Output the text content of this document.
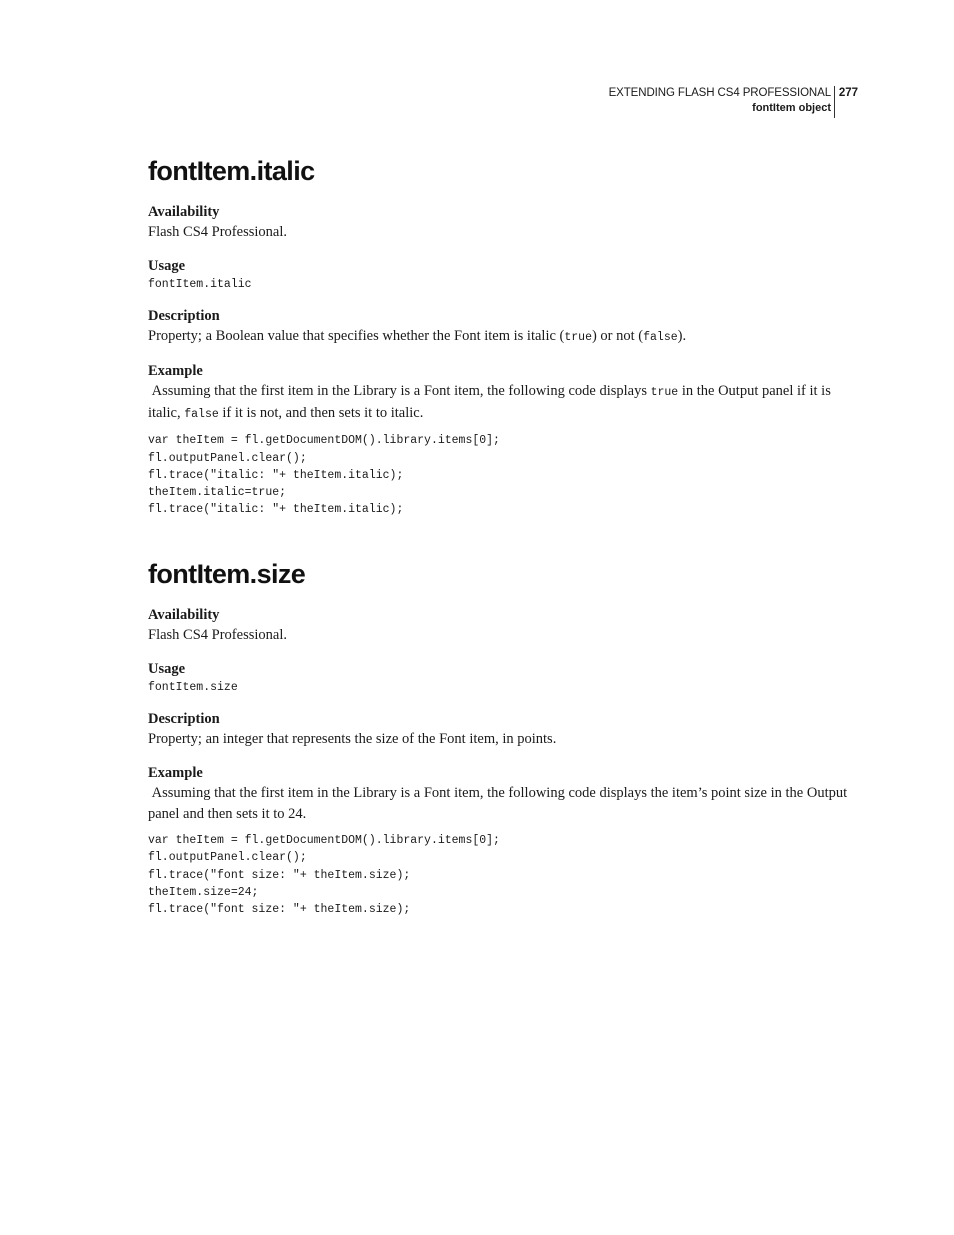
EXTENDING FLASH CS4 PROFESSIONAL
fontItem object
277
fontItem.italic

Availability

Flash CS4 Professional.

Usage

fontItem.italic

Description

Property; a Boolean value that specifies whether the Font item is italic (true) or not (false).

Example

Assuming that the first item in the Library is a Font item, the following code displays true in the Output panel if it is italic, false if it is not, and then sets it to italic.

var theItem = fl.getDocumentDOM().library.items[0];

fl.outputPanel.clear();

fl.trace("italic: "+ theItem.italic);

theItem.italic=true;

fl.trace("italic: "+ theItem.italic);

fontItem.size

Availability

Flash CS4 Professional.

Usage

fontItem.size

Description

Property; an integer that represents the size of the Font item, in points.

Example

Assuming that the first item in the Library is a Font item, the following code displays the item’s point size in the Output panel and then sets it to 24.

var theItem = fl.getDocumentDOM().library.items[0];

fl.outputPanel.clear();

fl.trace("font size: "+ theItem.size);

theItem.size=24;

fl.trace("font size: "+ theItem.size);
